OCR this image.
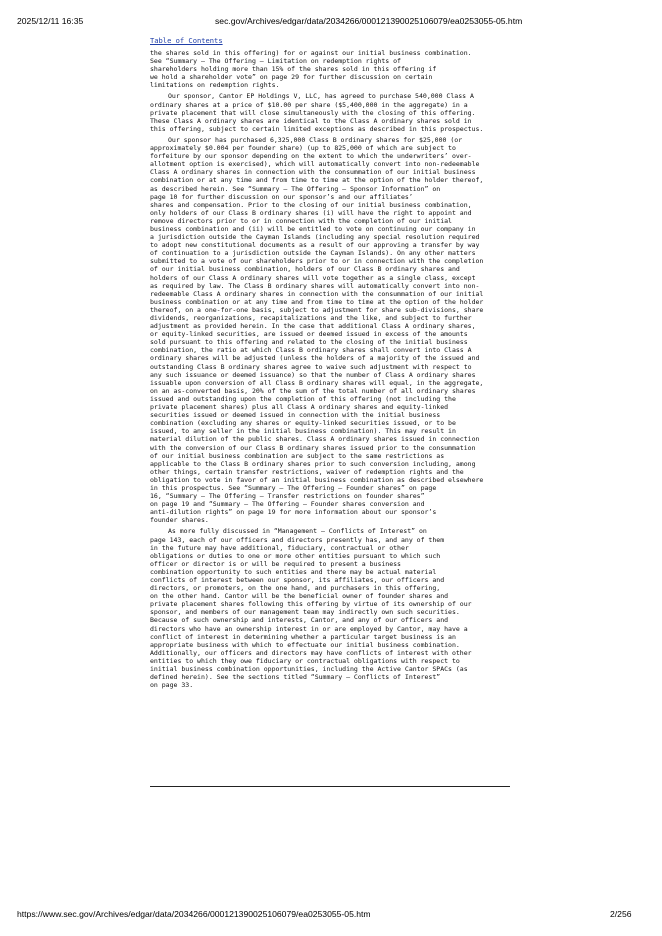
2025/12/11 16:35	sec.gov/Archives/edgar/data/2034266/000121390025106079/ea0253055-05.htm
Table of Contents

the shares sold in this offering) for or against our initial business combination.
See “Summary — The Offering — Limitation on redemption rights of
shareholders holding more than 15% of the shares sold in this offering if
we hold a shareholder vote” on page 29 for further discussion on certain
limitations on redemption rights.

Our sponsor, Cantor EP Holdings V, LLC, has agreed to purchase 540,000 Class A
ordinary shares at a price of $10.00 per share ($5,400,000 in the aggregate) in a
private placement that will close simultaneously with the closing of this offering.
These Class A ordinary shares are identical to the Class A ordinary shares sold in
this offering, subject to certain limited exceptions as described in this prospectus.

Our sponsor has purchased 6,325,000 Class B ordinary shares for $25,000 (or
approximately $0.004 per founder share) (up to 825,000 of which are subject to
forfeiture by our sponsor depending on the extent to which the underwriters’ over-
allotment option is exercised), which will automatically convert into non-redeemable
Class A ordinary shares in connection with the consummation of our initial business
combination or at any time and from time to time at the option of the holder thereof,
as described herein. See “Summary — The Offering — Sponsor Information” on
page 10 for further discussion on our sponsor’s and our affiliates’
shares and compensation. Prior to the closing of our initial business combination,
only holders of our Class B ordinary shares (i) will have the right to appoint and
remove directors prior to or in connection with the completion of our initial
business combination and (ii) will be entitled to vote on continuing our company in
a jurisdiction outside the Cayman Islands (including any special resolution required
to adopt new constitutional documents as a result of our approving a transfer by way
of continuation to a jurisdiction outside the Cayman Islands). On any other matters
submitted to a vote of our shareholders prior to or in connection with the completion
of our initial business combination, holders of our Class B ordinary shares and
holders of our Class A ordinary shares will vote together as a single class, except
as required by law. The Class B ordinary shares will automatically convert into non-
redeemable Class A ordinary shares in connection with the consummation of our initial
business combination or at any time and from time to time at the option of the holder
thereof, on a one-for-one basis, subject to adjustment for share sub-divisions, share
dividends, reorganizations, recapitalizations and the like, and subject to further
adjustment as provided herein. In the case that additional Class A ordinary shares,
or equity-linked securities, are issued or deemed issued in excess of the amounts
sold pursuant to this offering and related to the closing of the initial business
combination, the ratio at which Class B ordinary shares shall convert into Class A
ordinary shares will be adjusted (unless the holders of a majority of the issued and
outstanding Class B ordinary shares agree to waive such adjustment with respect to
any such issuance or deemed issuance) so that the number of Class A ordinary shares
issuable upon conversion of all Class B ordinary shares will equal, in the aggregate,
on an as-converted basis, 20% of the sum of the total number of all ordinary shares
issued and outstanding upon the completion of this offering (not including the
private placement shares) plus all Class A ordinary shares and equity-linked
securities issued or deemed issued in connection with the initial business
combination (excluding any shares or equity-linked securities issued, or to be
issued, to any seller in the initial business combination). This may result in
material dilution of the public shares. Class A ordinary shares issued in connection
with the conversion of our Class B ordinary shares issued prior to the consummation
of our initial business combination are subject to the same restrictions as
applicable to the Class B ordinary shares prior to such conversion including, among
other things, certain transfer restrictions, waiver of redemption rights and the
obligation to vote in favor of an initial business combination as described elsewhere
in this prospectus. See “Summary — The Offering — Founder shares” on page
16, “Summary — The Offering — Transfer restrictions on founder shares”
on page 19 and “Summary — The Offering — Founder shares conversion and
anti-dilution rights” on page 19 for more information about our sponsor’s
founder shares.

As more fully discussed in “Management — Conflicts of Interest” on
page 143, each of our officers and directors presently has, and any of them
in the future may have additional, fiduciary, contractual or other
obligations or duties to one or more other entities pursuant to which such
officer or director is or will be required to present a business
combination opportunity to such entities and there may be actual material
conflicts of interest between our sponsor, its affiliates, our officers and
directors, or promoters, on the one hand, and purchasers in this offering,
on the other hand. Cantor will be the beneficial owner of founder shares and
private placement shares following this offering by virtue of its ownership of our
sponsor, and members of our management team may indirectly own such securities.
Because of such ownership and interests, Cantor, and any of our officers and
directors who have an ownership interest in or are employed by Cantor, may have a
conflict of interest in determining whether a particular target business is an
appropriate business with which to effectuate our initial business combination.
Additionally, our officers and directors may have conflicts of interest with other
entities to which they owe fiduciary or contractual obligations with respect to
initial business combination opportunities, including the Active Cantor SPACs (as
defined herein). See the sections titled “Summary — Conflicts of Interest”
on page 33.

https://www.sec.gov/Archives/edgar/data/2034266/000121390025106079/ea0253055-05.htm	2/256
